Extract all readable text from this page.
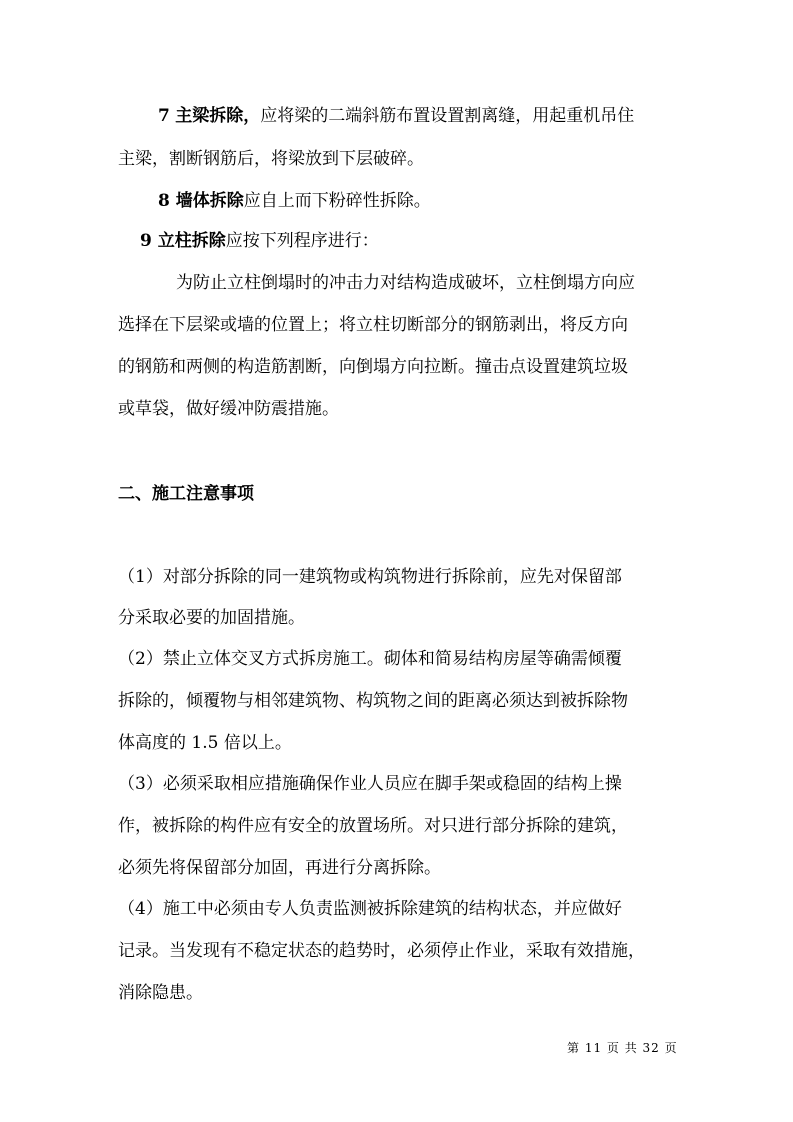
7 主梁拆除，应将梁的二端斜筋布置设置割离缝，用起重机吊住
主梁，割断钢筋后，将梁放到下层破碎。
8 墙体拆除应自上而下粉碎性拆除。
9 立柱拆除应按下列程序进行：
为防止立柱倒塌时的冲击力对结构造成破坏，立柱倒塌方向应
选择在下层梁或墙的位置上；将立柱切断部分的钢筋剥出，将反方向
的钢筋和两侧的构造筋割断，向倒塌方向拉断。撞击点设置建筑垃圾
或草袋，做好缓冲防震措施。
二、施工注意事项
（1）对部分拆除的同一建筑物或构筑物进行拆除前，应先对保留部
分采取必要的加固措施。
（2）禁止立体交叉方式拆房施工。砌体和简易结构房屋等确需倾覆
拆除的，倾覆物与相邻建筑物、构筑物之间的距离必须达到被拆除物
体高度的 1.5 倍以上。
（3）必须采取相应措施确保作业人员应在脚手架或稳固的结构上操
作，被拆除的构件应有安全的放置场所。对只进行部分拆除的建筑，
必须先将保留部分加固，再进行分离拆除。
（4）施工中必须由专人负责监测被拆除建筑的结构状态，并应做好
记录。当发现有不稳定状态的趋势时，必须停止作业，采取有效措施，
消除隐患。
第 11 页 共 32 页
